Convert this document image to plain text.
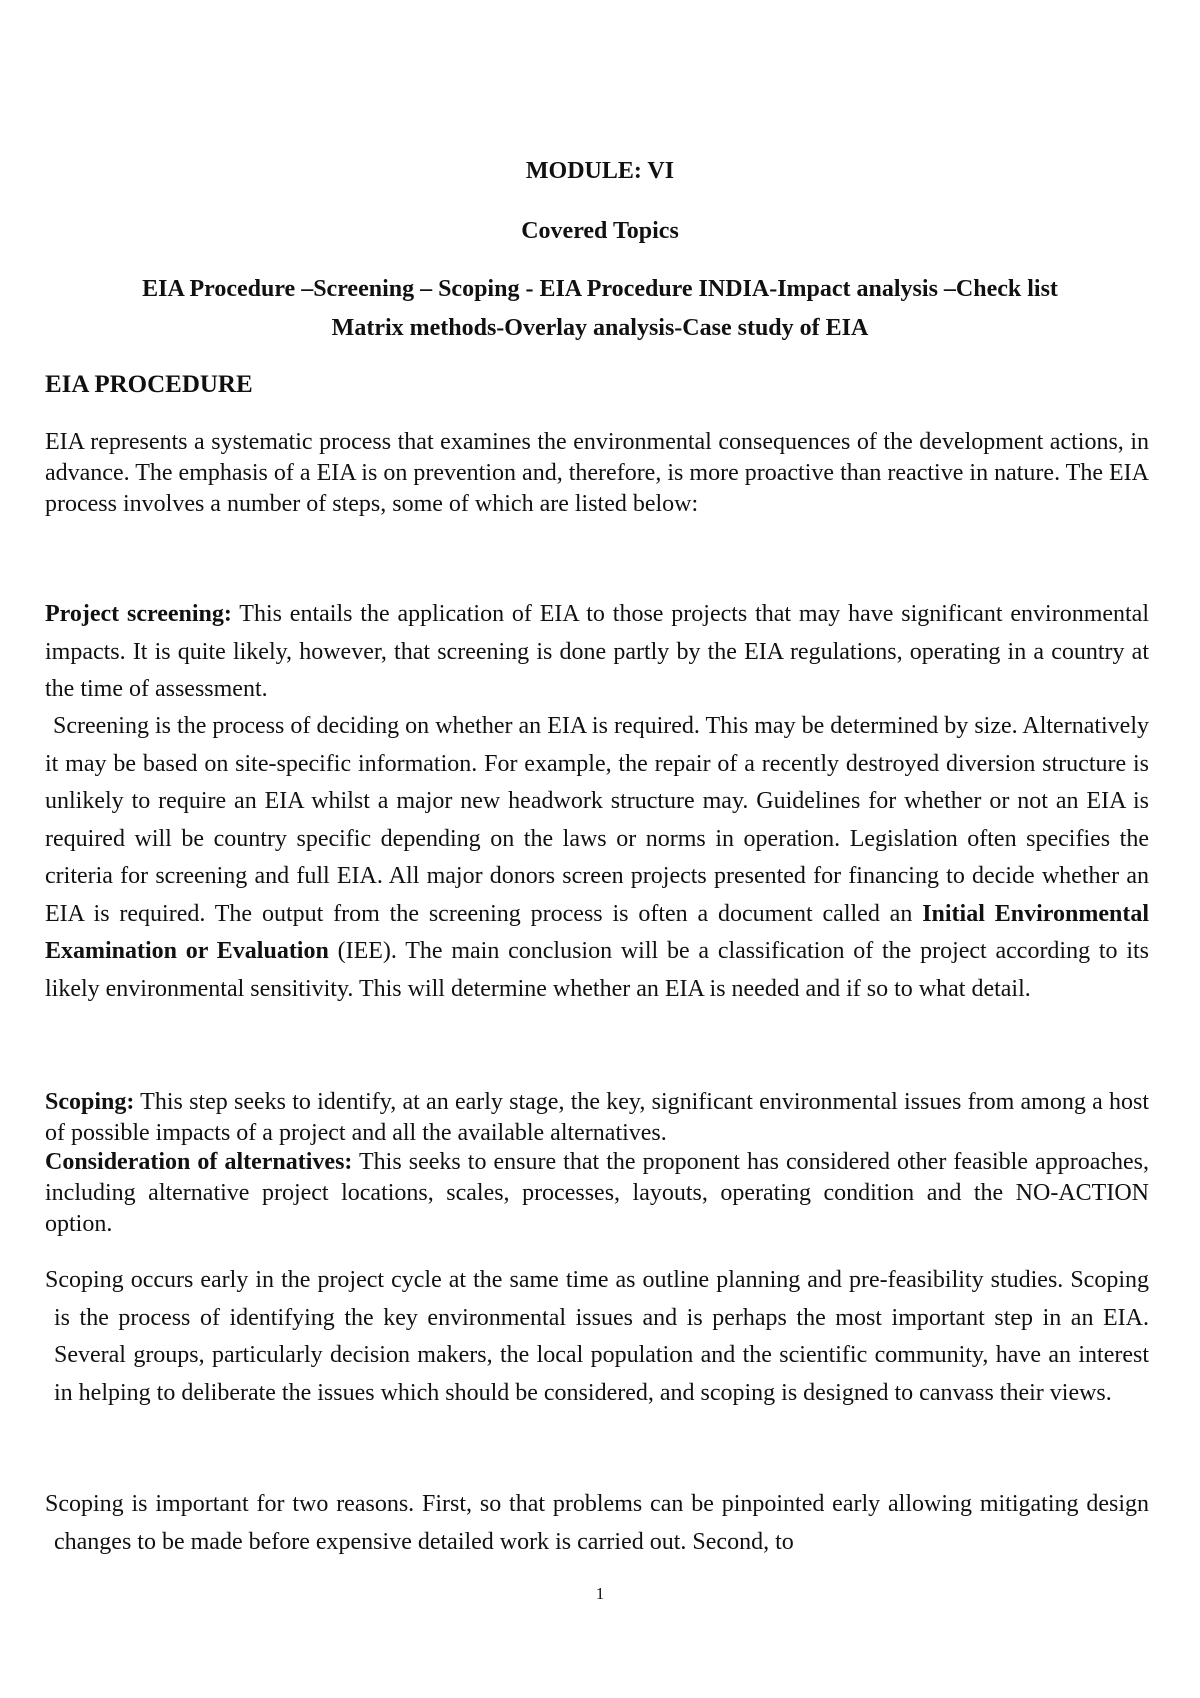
MODULE: VI
Covered Topics
EIA Procedure –Screening – Scoping - EIA Procedure INDIA-Impact analysis –Check list
Matrix methods-Overlay analysis-Case study of EIA
EIA PROCEDURE

EIA represents a systematic process that examines the environmental consequences of the development actions, in advance. The emphasis of a EIA is on prevention and, therefore, is more proactive than reactive in nature. The EIA process involves a number of steps, some of which are listed below:

Project screening: This entails the application of EIA to those projects that may have significant environmental impacts. It is quite likely, however, that screening is done partly by the EIA regulations, operating in a country at the time of assessment.

Screening is the process of deciding on whether an EIA is required. This may be determined by size. Alternatively it may be based on site-specific information. For example, the repair of a recently destroyed diversion structure is unlikely to require an EIA whilst a major new headwork structure may. Guidelines for whether or not an EIA is required will be country specific depending on the laws or norms in operation. Legislation often specifies the criteria for screening and full EIA. All major donors screen projects presented for financing to decide whether an EIA is required. The output from the screening process is often a document called an Initial Environmental Examination or Evaluation (IEE). The main conclusion will be a classification of the project according to its likely environmental sensitivity. This will determine whether an EIA is needed and if so to what detail.

Scoping: This step seeks to identify, at an early stage, the key, significant environmental issues from among a host of possible impacts of a project and all the available alternatives.

Consideration of alternatives: This seeks to ensure that the proponent has considered other feasible approaches, including alternative project locations, scales, processes, layouts, operating condition and the NO-ACTION option.

Scoping occurs early in the project cycle at the same time as outline planning and pre-feasibility studies. Scoping is the process of identifying the key environmental issues and is perhaps the most important step in an EIA. Several groups, particularly decision makers, the local population and the scientific community, have an interest in helping to deliberate the issues which should be considered, and scoping is designed to canvass their views.

Scoping is important for two reasons. First, so that problems can be pinpointed early allowing mitigating design changes to be made before expensive detailed work is carried out. Second, to

1
